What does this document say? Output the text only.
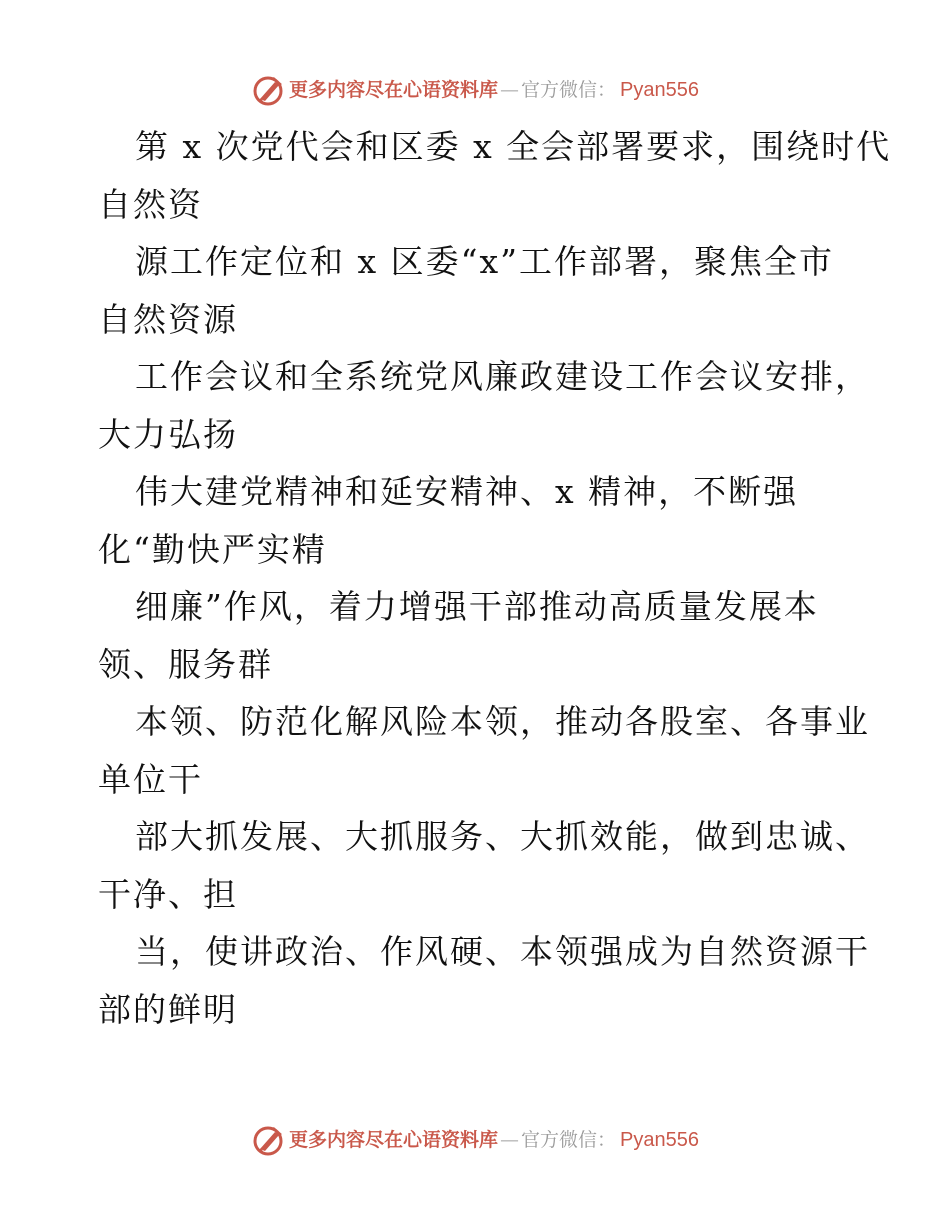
更多内容尽在心语资料库 — 官方微信： Pyan556
第 x 次党代会和区委 x 全会部署要求，围绕时代
自然资
源工作定位和 x 区委“x”工作部署，聚焦全市
自然资源
工作会议和全系统党风廉政建设工作会议安排，
大力弘扬
伟大建党精神和延安精神、x 精神，不断强
化“勤快严实精
细廉”作风，着力增强干部推动高质量发展本
领、服务群
本领、防范化解风险本领，推动各股室、各事业
单位干
部大抓发展、大抓服务、大抓效能，做到忠诚、
干净、担
当，使讲政治、作风硬、本领强成为自然资源干
部的鲜明
更多内容尽在心语资料库 — 官方微信： Pyan556
